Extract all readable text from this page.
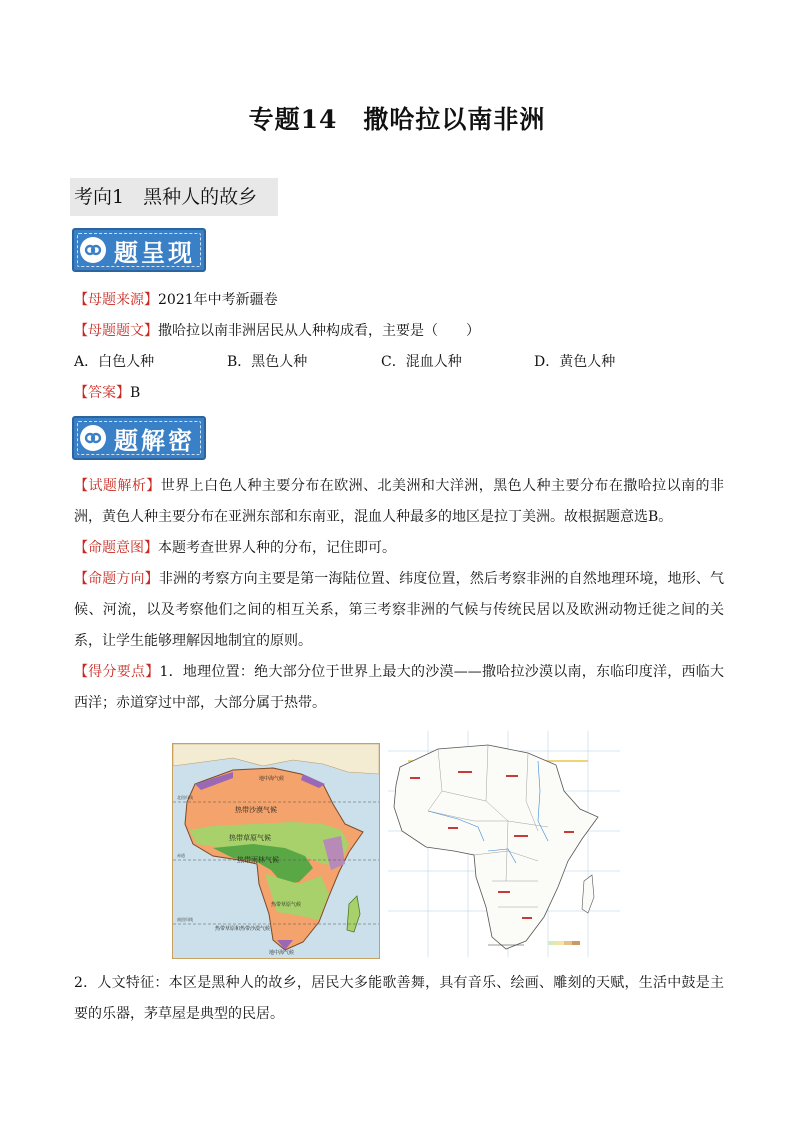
专题14　撒哈拉以南非洲
考向1　黑种人的故乡
题呈现
【母题来源】2021年中考新疆卷
【母题题文】撒哈拉以南非洲居民从人种构成看，主要是（　　）
A．白色人种	B．黑色人种	C．混血人种	D．黄色人种
【答案】B
题解密
【试题解析】世界上白色人种主要分布在欧洲、北美洲和大洋洲，黑色人种主要分布在撒哈拉以南的非洲，黄色人种主要分布在亚洲东部和东南亚，混血人种最多的地区是拉丁美洲。故根据题意选B。
【命题意图】本题考查世界人种的分布，记住即可。
【命题方向】非洲的考察方向主要是第一海陆位置、纬度位置，然后考察非洲的自然地理环境，地形、气候、河流，以及考察他们之间的相互关系，第三考察非洲的气候与传统民居以及欧洲动物迁徙之间的关系，让学生能够理解因地制宜的原则。
【得分要点】1．地理位置：绝大部分位于世界上最大的沙漠——撒哈拉沙漠以南，东临印度洋，西临大西洋；赤道穿过中部，大部分属于热带。
地中海气候
热带沙漠气候
热带草原气候
热带雨林气候
热带草原气候
热带草原和热带沙漠气候
地中海气候
赤道
北回归线
南回归线
2．人文特征：本区是黑种人的故乡，居民大多能歌善舞，具有音乐、绘画、雕刻的天赋，生活中鼓是主要的乐器，茅草屋是典型的民居。
